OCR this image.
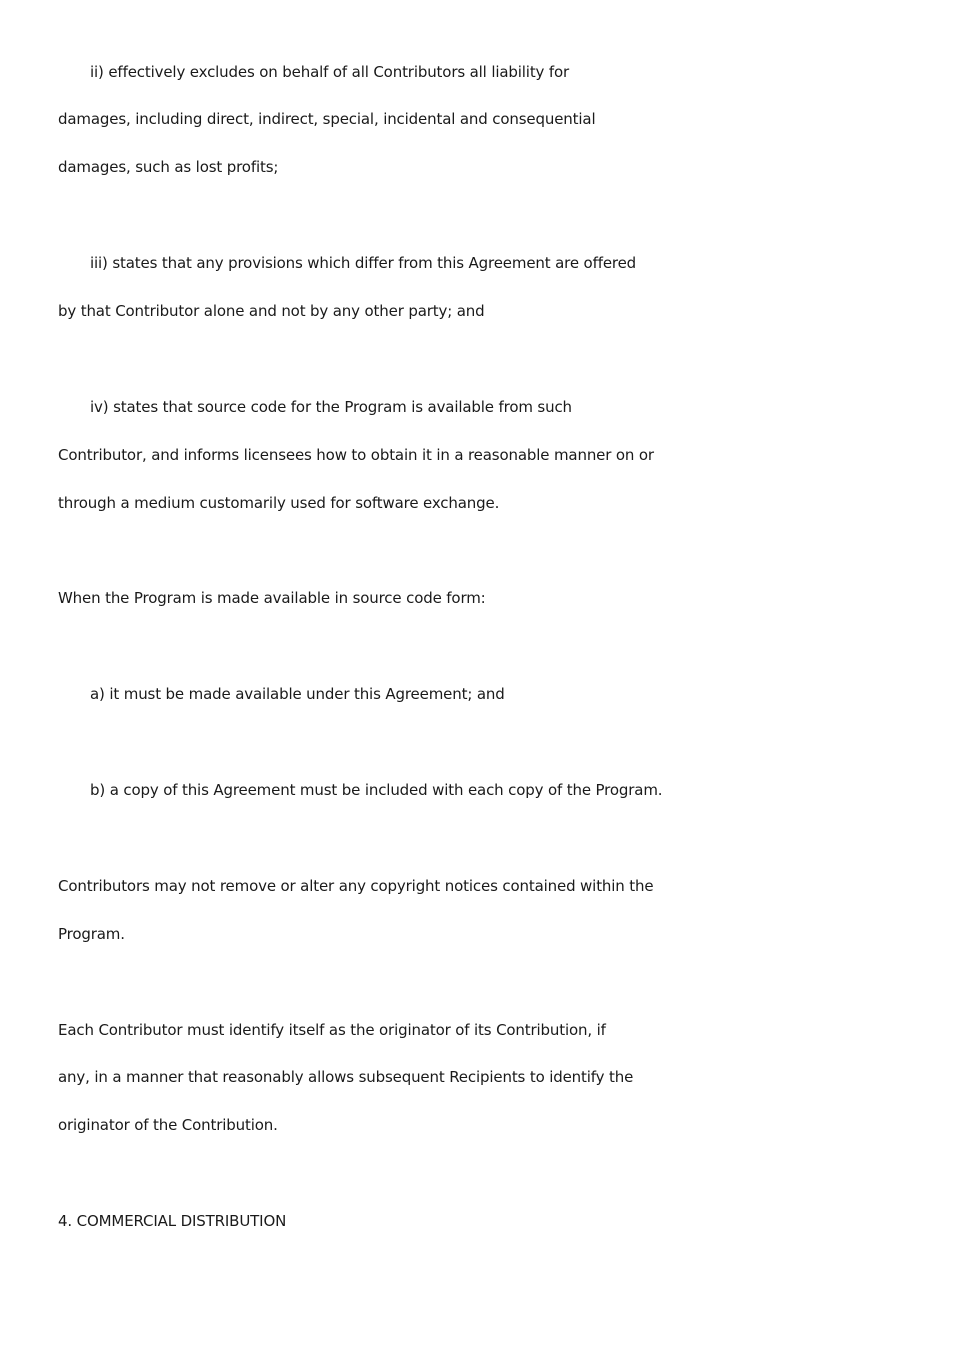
ii) effectively excludes on behalf of all Contributors all liability for
damages, including direct, indirect, special, incidental and consequential
damages, such as lost profits;
iii) states that any provisions which differ from this Agreement are offered
by that Contributor alone and not by any other party; and
iv) states that source code for the Program is available from such
Contributor, and informs licensees how to obtain it in a reasonable manner on or
through a medium customarily used for software exchange.
When the Program is made available in source code form:
a) it must be made available under this Agreement; and
b) a copy of this Agreement must be included with each copy of the Program.
Contributors may not remove or alter any copyright notices contained within the
Program.
Each Contributor must identify itself as the originator of its Contribution, if
any, in a manner that reasonably allows subsequent Recipients to identify the
originator of the Contribution.
4. COMMERCIAL DISTRIBUTION
